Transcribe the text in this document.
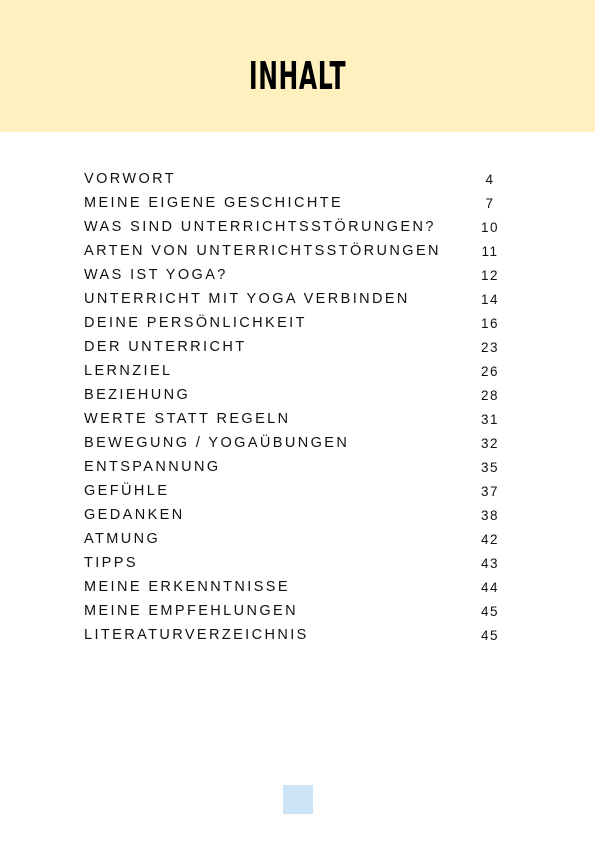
INHALT
VORWORT	4
MEINE EIGENE GESCHICHTE	7
WAS SIND UNTERRICHTSSTÖRUNGEN?	10
ARTEN VON UNTERRICHTSSTÖRUNGEN	11
WAS IST YOGA?	12
UNTERRICHT MIT YOGA VERBINDEN	14
DEINE PERSÖNLICHKEIT	16
DER UNTERRICHT	23
LERNZIEL	26
BEZIEHUNG	28
WERTE STATT REGELN	31
BEWEGUNG / YOGAÜBUNGEN	32
ENTSPANNUNG	35
GEFÜHLE	37
GEDANKEN	38
ATMUNG	42
TIPPS	43
MEINE ERKENNTNISSE	44
MEINE EMPFEHLUNGEN	45
LITERATURVERZEICHNIS	45
